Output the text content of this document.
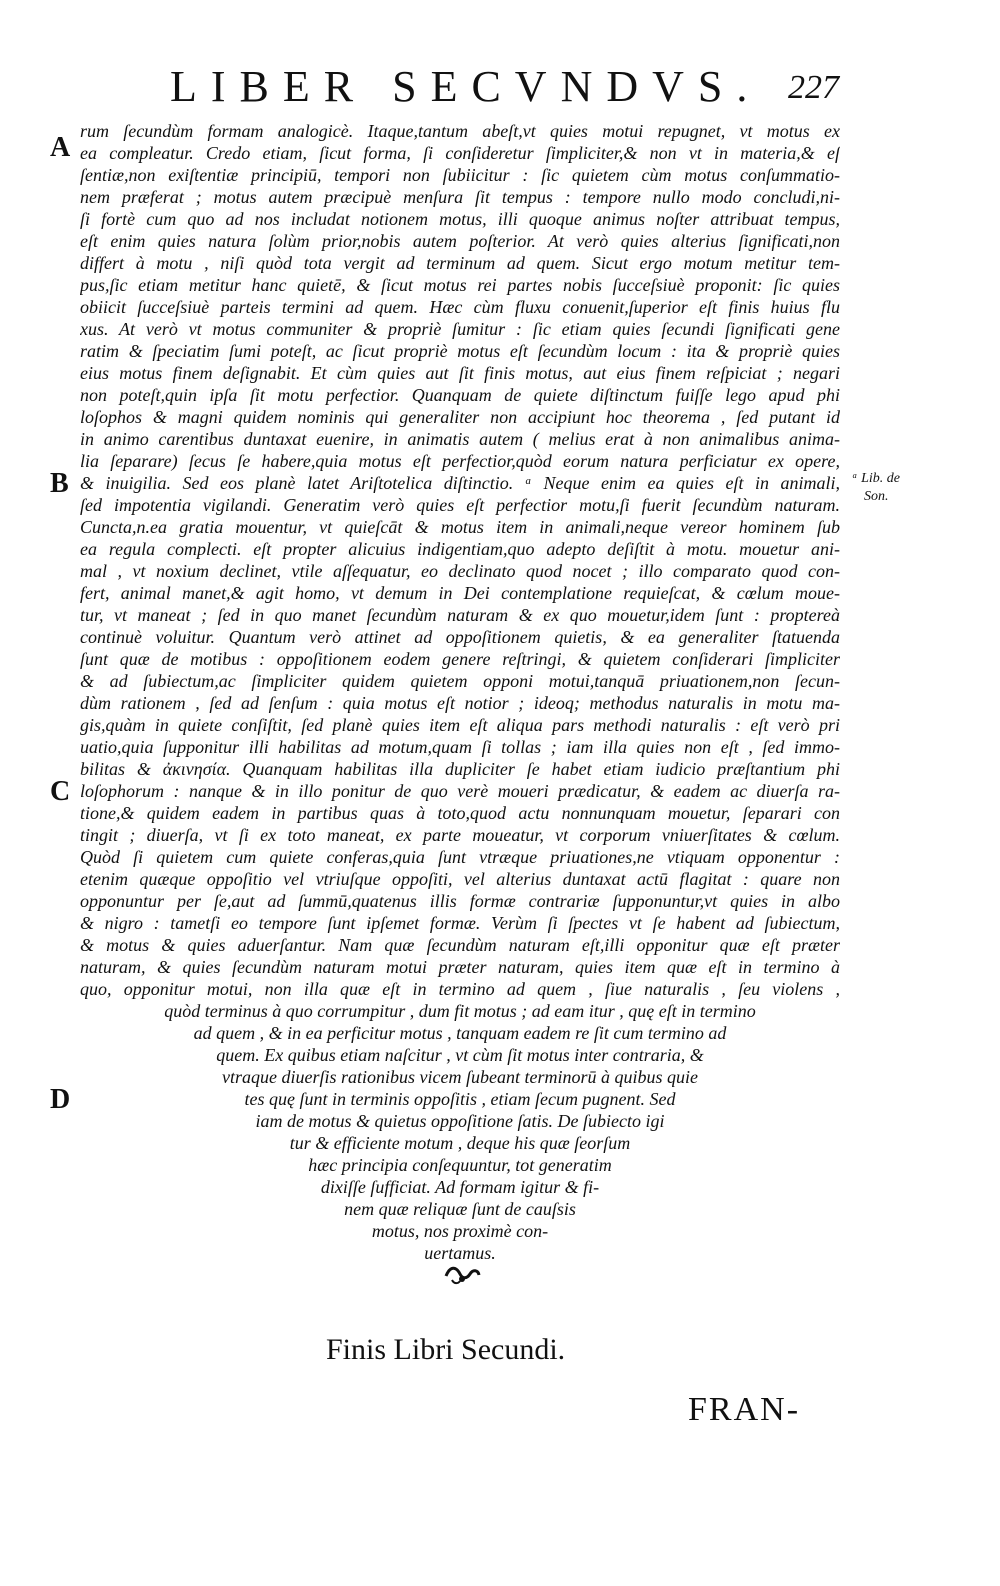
LIBER SECVNDVS. 227
A
B
C
D
ᵃ Lib. de
Son.
rum ſecundùm formam analogicè. Itaque,tantum abeſt,vt quies motui repugnet, vt motus ex
ea compleatur. Credo etiam, ſicut forma, ſi conſideretur ſimpliciter,& non vt in materia,& eſ
ſentiæ,non exiſtentiæ principiū, tempori non ſubiicitur : ſic quietem cùm motus conſummatio-
nem præferat ; motus autem præcipuè menſura ſit tempus : tempore nullo modo concludi,ni-
ſi fortè cum quo ad nos includat notionem motus, illi quoque animus noſter attribuat tempus,
eſt enim quies natura ſolùm prior,nobis autem poſterior. At verò quies alterius ſignificati,non
differt à motu , niſi quòd tota vergit ad terminum ad quem. Sicut ergo motum metitur tem-
pus,ſic etiam metitur hanc quietē, & ſicut motus rei partes nobis ſucceſsiuè proponit: ſic quies
obiicit ſucceſsiuè parteis termini ad quem. Hæc cùm fluxu conuenit,ſuperior eſt finis huius flu
xus. At verò vt motus communiter & propriè ſumitur : ſic etiam quies ſecundi ſignificati gene
ratim & ſpeciatim ſumi poteſt, ac ſicut propriè motus eſt ſecundùm locum : ita & propriè quies
eius motus finem deſignabit. Et cùm quies aut ſit finis motus, aut eius finem reſpiciat ; negari
non poteſt,quin ipſa ſit motu perfectior. Quanquam de quiete diſtinctum fuiſſe lego apud phi
loſophos & magni quidem nominis qui generaliter non accipiunt hoc theorema , ſed putant id
in animo carentibus duntaxat euenire, in animatis autem ( melius erat à non animalibus anima-
lia ſeparare) ſecus ſe habere,quia motus eſt perfectior,quòd eorum natura perficiatur ex opere,
& inuigilia. Sed eos planè latet Ariſtotelica diſtinctio. ᵃ Neque enim ea quies eſt in animali,
ſed impotentia vigilandi. Generatim verò quies eſt perfectior motu,ſi fuerit ſecundùm naturam.
Cuncta,n.ea gratia mouentur, vt quieſcāt & motus item in animali,neque vereor hominem ſub
ea regula complecti. eſt propter alicuius indigentiam,quo adepto deſiſtit à motu. mouetur ani-
mal , vt noxium declinet, vtile aſſequatur, eo declinato quod nocet ; illo comparato quod con-
fert, animal manet,& agit homo, vt demum in Dei contemplatione requieſcat, & cœlum moue-
tur, vt maneat ; ſed in quo manet ſecundùm naturam & ex quo mouetur,idem ſunt : proptereà
continuè voluitur. Quantum verò attinet ad oppoſitionem quietis, & ea generaliter ſtatuenda
ſunt quæ de motibus : oppoſitionem eodem genere reſtringi, & quietem conſiderari ſimpliciter
& ad ſubiectum,ac ſimpliciter quidem quietem opponi motui,tanquā priuationem,non ſecun-
dùm rationem , ſed ad ſenſum : quia motus eſt notior ; ideoq; methodus naturalis in motu ma-
gis,quàm in quiete conſiſtit, ſed planè quies item eſt aliqua pars methodi naturalis : eſt verò pri
uatio,quia ſupponitur illi habilitas ad motum,quam ſi tollas ; iam illa quies non eſt , ſed immo-
bilitas & ἀκινησία. Quanquam habilitas illa dupliciter ſe habet etiam iudicio præſtantium phi
loſophorum : nanque & in illo ponitur de quo verè moueri prædicatur, & eadem ac diuerſa ra-
tione,& quidem eadem in partibus quas à toto,quod actu nonnunquam mouetur, ſeparari con
tingit ; diuerſa, vt ſi ex toto maneat, ex parte moueatur, vt corporum vniuerſitates & cœlum.
Quòd ſi quietem cum quiete conferas,quia ſunt vtræque priuationes,ne vtiquam opponentur :
etenim quæque oppoſitio vel vtriuſque oppoſiti, vel alterius duntaxat actū flagitat : quare non
opponuntur per ſe,aut ad ſummū,quatenus illis formæ contrariæ ſupponuntur,vt quies in albo
& nigro : tametſi eo tempore ſunt ipſemet formæ. Verùm ſi ſpectes vt ſe habent ad ſubiectum,
& motus & quies aduerſantur. Nam quæ ſecundùm naturam eſt,illi opponitur quæ eſt præter
naturam, & quies ſecundùm naturam motui præter naturam, quies item quæ eſt in termino à
quo, opponitur motui, non illa quæ eſt in termino ad quem , ſiue naturalis , ſeu violens ,
quòd terminus à quo corrumpitur , dum fit motus ; ad eam itur , quę eſt in termino
ad quem , & in ea perficitur motus , tanquam eadem re ſit cum termino ad
quem. Ex quibus etiam naſcitur , vt cùm ſit motus inter contraria, &
vtraque diuerſis rationibus vicem ſubeant terminorū à quibus quie
tes quę ſunt in terminis oppoſitis , etiam ſecum pugnent. Sed
iam de motus & quietus oppoſitione ſatis. De ſubiecto igi
tur & efficiente motum , deque his quæ ſeorſum
hæc principia conſequuntur, tot generatim
dixiſſe ſufficiat. Ad formam igitur & fi-
nem quæ reliquæ ſunt de cauſsis
motus, nos proximè con-
uertamus.
Finis Libri Secundi.
FRAN-
